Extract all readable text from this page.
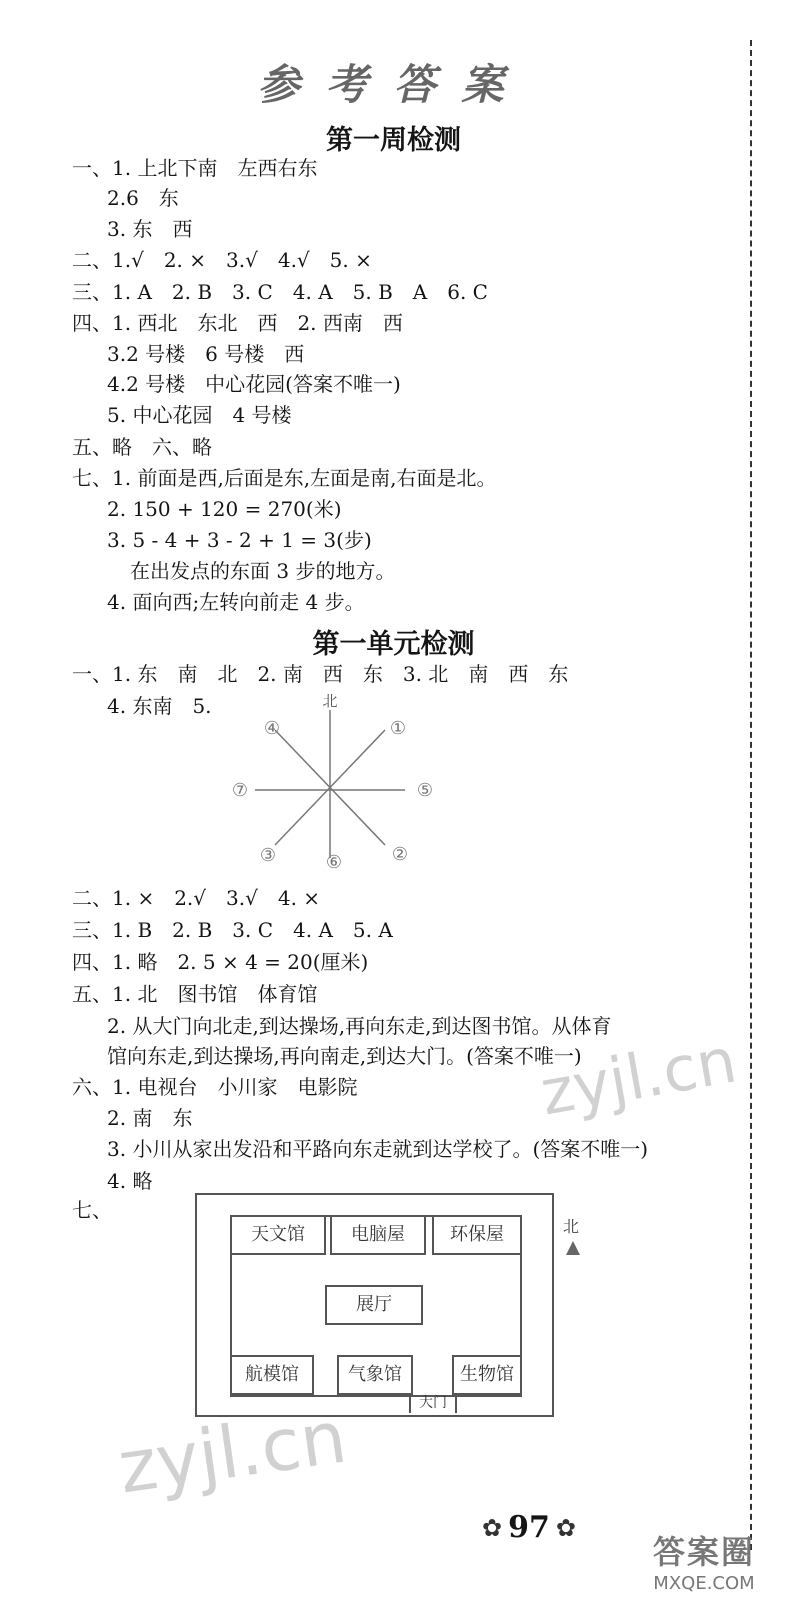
参考答案
第一周检测
一、1. 上北下南　左西右东
2.6　东
3. 东　西
二、1.√　2. ×　3.√　4.√　5. ×
三、1. A　2. B　3. C　4. A　5. B　A　6. C
四、1. 西北　东北　西　2. 西南　西
3.2 号楼　6 号楼　西
4.2 号楼　中心花园(答案不唯一)
5. 中心花园　4 号楼
五、略　六、略
七、1. 前面是西,后面是东,左面是南,右面是北。
2. 150 + 120 = 270(米)
3. 5 - 4 + 3 - 2 + 1 = 3(步)
在出发点的东面 3 步的地方。
4. 面向西;左转向前走 4 步。
第一单元检测
一、1. 东　南　北　2. 南　西　东　3. 北　南　西　东
4. 东南　5.	北
④	①
⑦	⑤
③	⑥	②
二、1. ×　2.√　3.√　4. ×
三、1. B　2. B　3. C　4. A　5. A
四、1. 略　2. 5 × 4 = 20(厘米)
五、1. 北　图书馆　体育馆
2. 从大门向北走,到达操场,再向东走,到达图书馆。从体育
馆向东走,到达操场,再向南走,到达大门。(答案不唯一)
六、1. 电视台　小川家　电影院
2. 南　东
3. 小川从家出发沿和平路向东走就到达学校了。(答案不唯一)
4. 略
七、
天文馆	电脑屋	环保屋
展厅
航模馆	气象馆	生物馆
大门
北
zyjl.cn
zyjl.cn
✿ 97 ✿
答案圈
MXQE.COM
